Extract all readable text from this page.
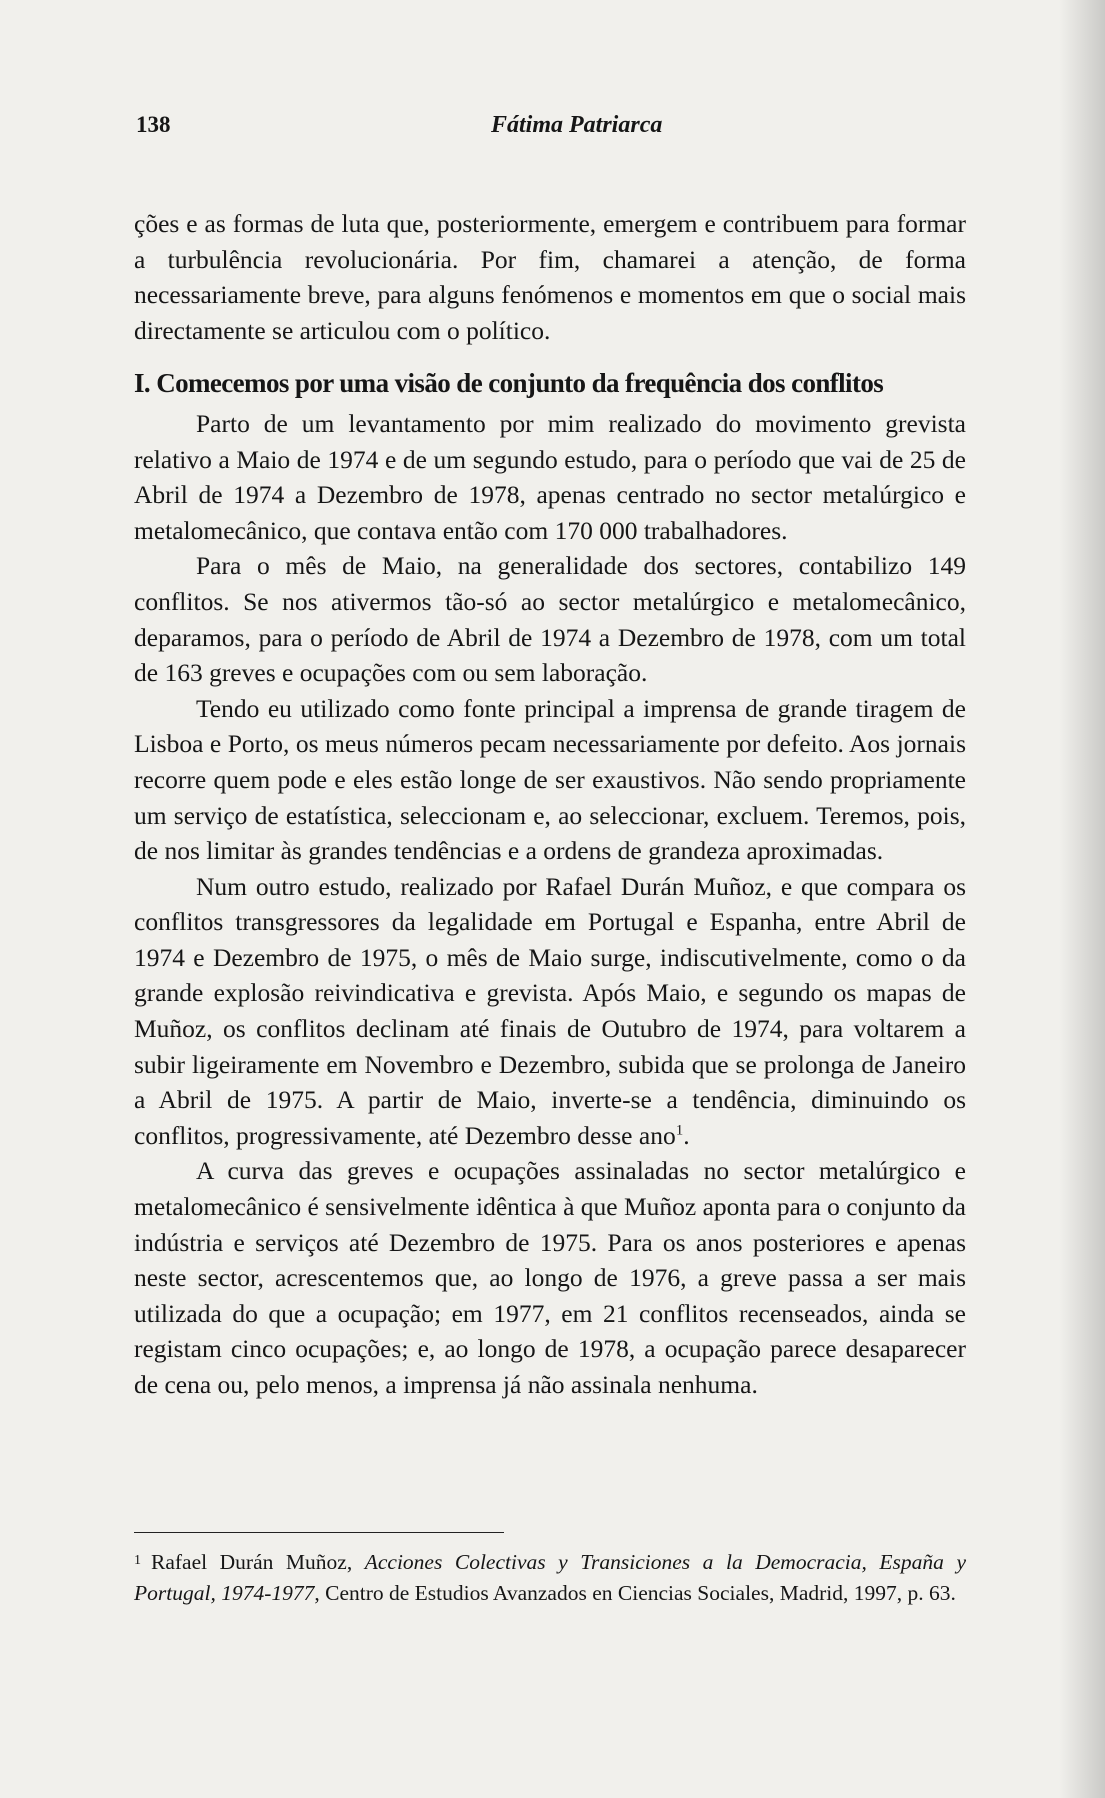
138	Fátima Patriarca

ções e as formas de luta que, posteriormente, emergem e contribuem para formar a turbulência revolucionária. Por fim, chamarei a atenção, de forma necessariamente breve, para alguns fenómenos e momentos em que o social mais directamente se articulou com o político.

I. Comecemos por uma visão de conjunto da frequência dos conflitos

Parto de um levantamento por mim realizado do movimento grevista relativo a Maio de 1974 e de um segundo estudo, para o período que vai de 25 de Abril de 1974 a Dezembro de 1978, apenas centrado no sector metalúrgico e metalomecânico, que contava então com 170 000 trabalhadores.

Para o mês de Maio, na generalidade dos sectores, contabilizo 149 conflitos. Se nos ativermos tão-só ao sector metalúrgico e metalomecânico, deparamos, para o período de Abril de 1974 a Dezembro de 1978, com um total de 163 greves e ocupações com ou sem laboração.

Tendo eu utilizado como fonte principal a imprensa de grande tiragem de Lisboa e Porto, os meus números pecam necessariamente por defeito. Aos jornais recorre quem pode e eles estão longe de ser exaustivos. Não sendo propriamente um serviço de estatística, seleccionam e, ao seleccionar, excluem. Teremos, pois, de nos limitar às grandes tendências e a ordens de grandeza aproximadas.

Num outro estudo, realizado por Rafael Durán Muñoz, e que compara os conflitos transgressores da legalidade em Portugal e Espanha, entre Abril de 1974 e Dezembro de 1975, o mês de Maio surge, indiscutivelmente, como o da grande explosão reivindicativa e grevista. Após Maio, e segundo os mapas de Muñoz, os conflitos declinam até finais de Outubro de 1974, para voltarem a subir ligeiramente em Novembro e Dezembro, subida que se prolonga de Janeiro a Abril de 1975. A partir de Maio, inverte-se a tendência, diminuindo os conflitos, progressivamente, até Dezembro desse ano$^1$.

A curva das greves e ocupações assinaladas no sector metalúrgico e metalomecânico é sensivelmente idêntica à que Muñoz aponta para o conjunto da indústria e serviços até Dezembro de 1975. Para os anos posteriores e apenas neste sector, acrescentemos que, ao longo de 1976, a greve passa a ser mais utilizada do que a ocupação; em 1977, em 21 conflitos recenseados, ainda se registam cinco ocupações; e, ao longo de 1978, a ocupação parece desaparecer de cena ou, pelo menos, a imprensa já não assinala nenhuma.

1 Rafael Durán Muñoz, Acciones Colectivas y Transiciones a la Democracia, España y Portugal, 1974-1977, Centro de Estudios Avanzados en Ciencias Sociales, Madrid, 1997, p. 63.
